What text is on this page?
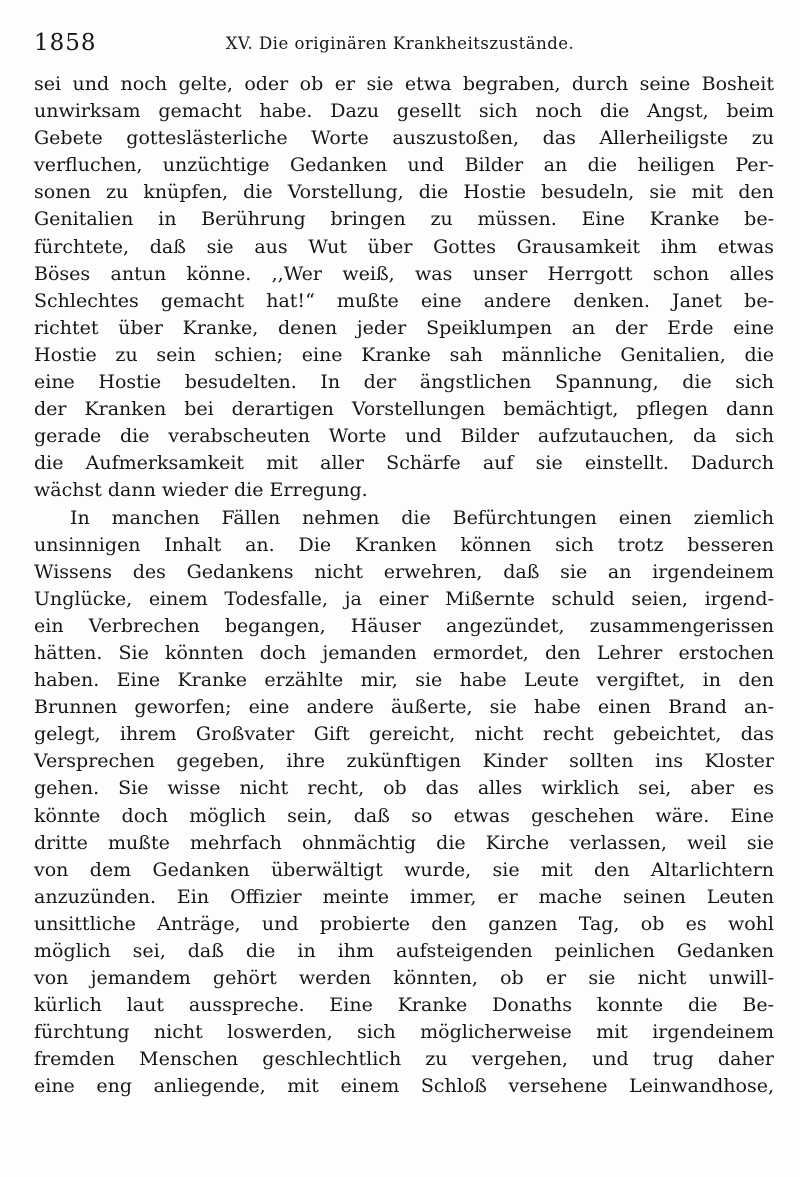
1858	XV. Die originären Krankheitszustände.
sei und noch gelte, oder ob er sie etwa begraben, durch seine Bosheit
unwirksam gemacht habe. Dazu gesellt sich noch die Angst, beim
Gebete gotteslästerliche Worte auszustoßen, das Allerheiligste zu
verfluchen, unzüchtige Gedanken und Bilder an die heiligen Per-
sonen zu knüpfen, die Vorstellung, die Hostie besudeln, sie mit den
Genitalien in Berührung bringen zu müssen. Eine Kranke be-
fürchtete, daß sie aus Wut über Gottes Grausamkeit ihm etwas
Böses antun könne. ,,Wer weiß, was unser Herrgott schon alles
Schlechtes gemacht hat!“ mußte eine andere denken. Janet be-
richtet über Kranke, denen jeder Speiklumpen an der Erde eine
Hostie zu sein schien; eine Kranke sah männliche Genitalien, die
eine Hostie besudelten. In der ängstlichen Spannung, die sich
der Kranken bei derartigen Vorstellungen bemächtigt, pflegen dann
gerade die verabscheuten Worte und Bilder aufzutauchen, da sich
die Aufmerksamkeit mit aller Schärfe auf sie einstellt. Dadurch
wächst dann wieder die Erregung.
In manchen Fällen nehmen die Befürchtungen einen ziemlich
unsinnigen Inhalt an. Die Kranken können sich trotz besseren
Wissens des Gedankens nicht erwehren, daß sie an irgendeinem
Unglücke, einem Todesfalle, ja einer Mißernte schuld seien, irgend-
ein Verbrechen begangen, Häuser angezündet, zusammengerissen
hätten. Sie könnten doch jemanden ermordet, den Lehrer erstochen
haben. Eine Kranke erzählte mir, sie habe Leute vergiftet, in den
Brunnen geworfen; eine andere äußerte, sie habe einen Brand an-
gelegt, ihrem Großvater Gift gereicht, nicht recht gebeichtet, das
Versprechen gegeben, ihre zukünftigen Kinder sollten ins Kloster
gehen. Sie wisse nicht recht, ob das alles wirklich sei, aber es
könnte doch möglich sein, daß so etwas geschehen wäre. Eine
dritte mußte mehrfach ohnmächtig die Kirche verlassen, weil sie
von dem Gedanken überwältigt wurde, sie mit den Altarlichtern
anzuzünden. Ein Offizier meinte immer, er mache seinen Leuten
unsittliche Anträge, und probierte den ganzen Tag, ob es wohl
möglich sei, daß die in ihm aufsteigenden peinlichen Gedanken
von jemandem gehört werden könnten, ob er sie nicht unwill-
kürlich laut ausspreche. Eine Kranke Donaths konnte die Be-
fürchtung nicht loswerden, sich möglicherweise mit irgendeinem
fremden Menschen geschlechtlich zu vergehen, und trug daher
eine eng anliegende, mit einem Schloß versehene Leinwandhose,
